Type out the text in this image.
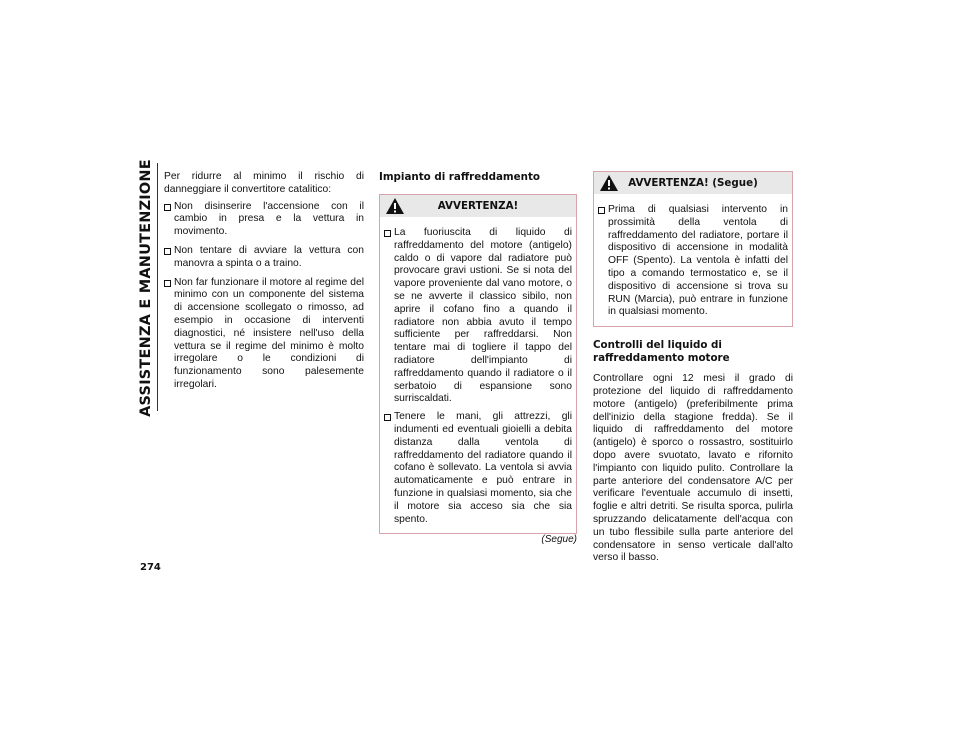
ASSISTENZA E MANUTENZIONE
274

Per ridurre al minimo il rischio di danneggiare il convertitore catalitico:

Non disinserire l'accensione con il cambio in presa e la vettura in movimento.
Non tentare di avviare la vettura con manovra a spinta o a traino.
Non far funzionare il motore al regime del minimo con un componente del sistema di accensione scollegato o rimosso, ad esempio in occasione di interventi diagnostici, né insistere nell'uso della vettura se il regime del minimo è molto irregolare o le condizioni di funzionamento sono palesemente irregolari.
Impianto di raffreddamento
AVVERTENZA!
La fuoriuscita di liquido di raffreddamento del motore (antigelo) caldo o di vapore dal radiatore può provocare gravi ustioni. Se si nota del vapore proveniente dal vano motore, o se ne avverte il classico sibilo, non aprire il cofano fino a quando il radiatore non abbia avuto il tempo sufficiente per raffreddarsi. Non tentare mai di togliere il tappo del radiatore dell'impianto di raffreddamento quando il radiatore o il serbatoio di espansione sono surriscaldati.
Tenere le mani, gli attrezzi, gli indumenti ed eventuali gioielli a debita distanza dalla ventola di raffreddamento del radiatore quando il cofano è sollevato. La ventola si avvia automaticamente e può entrare in funzione in qualsiasi momento, sia che il motore sia acceso sia che sia spento.
(Segue)
AVVERTENZA! (Segue)
Prima di qualsiasi intervento in prossimità della ventola di raffreddamento del radiatore, portare il dispositivo di accensione in modalità OFF (Spento). La ventola è infatti del tipo a comando termostatico e, se il dispositivo di accensione si trova su RUN (Marcia), può entrare in funzione in qualsiasi momento.
Controlli del liquido di raffreddamento motore

Controllare ogni 12 mesi il grado di protezione del liquido di raffreddamento motore (antigelo) (preferibilmente prima dell'inizio della stagione fredda). Se il liquido di raffreddamento del motore (antigelo) è sporco o rossastro, sostituirlo dopo avere svuotato, lavato e rifornito l'impianto con liquido pulito. Controllare la parte anteriore del condensatore A/C per verificare l'eventuale accumulo di insetti, foglie e altri detriti. Se risulta sporca, pulirla spruzzando delicatamente dell'acqua con un tubo flessibile sulla parte anteriore del condensatore in senso verticale dall'alto verso il basso.
